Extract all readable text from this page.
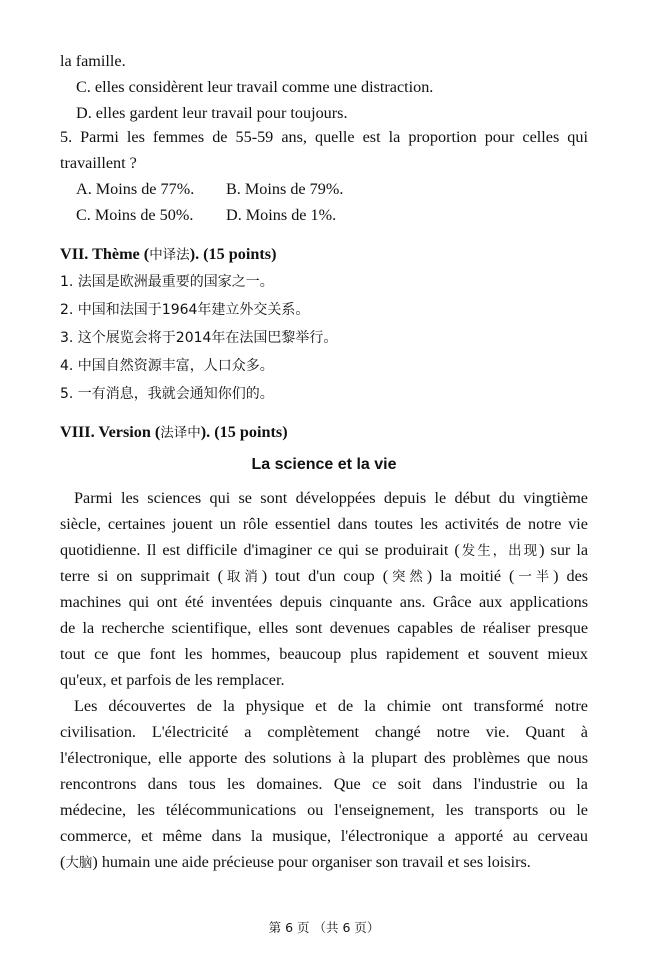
la famille.
C. elles considèrent leur travail comme une distraction.
D. elles gardent leur travail pour toujours.
5. Parmi les femmes de 55-59 ans, quelle est la proportion pour celles qui
travaillent ?
A. Moins de 77%. B. Moins de 79%.
C. Moins de 50%. D. Moins de 1%.
VII. Thème (中译法). (15 points)
1. 法国是欧洲最重要的国家之一。
2. 中国和法国于1964年建立外交关系。
3. 这个展览会将于2014年在法国巴黎举行。
4. 中国自然资源丰富，人口众多。
5. 一有消息，我就会通知你们的。
VIII. Version (法译中). (15 points)
La science et la vie
Parmi les sciences qui se sont développées depuis le début du vingtième
siècle, certaines jouent un rôle essentiel dans toutes les activités de notre vie
quotidienne. Il est difficile d'imaginer ce qui se produirait (发生，出现) sur la
terre si on supprimait (取消) tout d'un coup (突然) la moitié (一半) des
machines qui ont été inventées depuis cinquante ans. Grâce aux applications
de la recherche scientifique, elles sont devenues capables de réaliser presque
tout ce que font les hommes, beaucoup plus rapidement et souvent mieux
qu'eux, et parfois de les remplacer.
Les découvertes de la physique et de la chimie ont transformé notre
civilisation. L'électricité a complètement changé notre vie. Quant à
l'électronique, elle apporte des solutions à la plupart des problèmes que nous
rencontrons dans tous les domaines. Que ce soit dans l'industrie ou la
médecine, les télécommunications ou l'enseignement, les transports ou le
commerce, et même dans la musique, l'électronique a apporté au cerveau
(大脑) humain une aide précieuse pour organiser son travail et ses loisirs.
第 6 页 （共 6 页）
